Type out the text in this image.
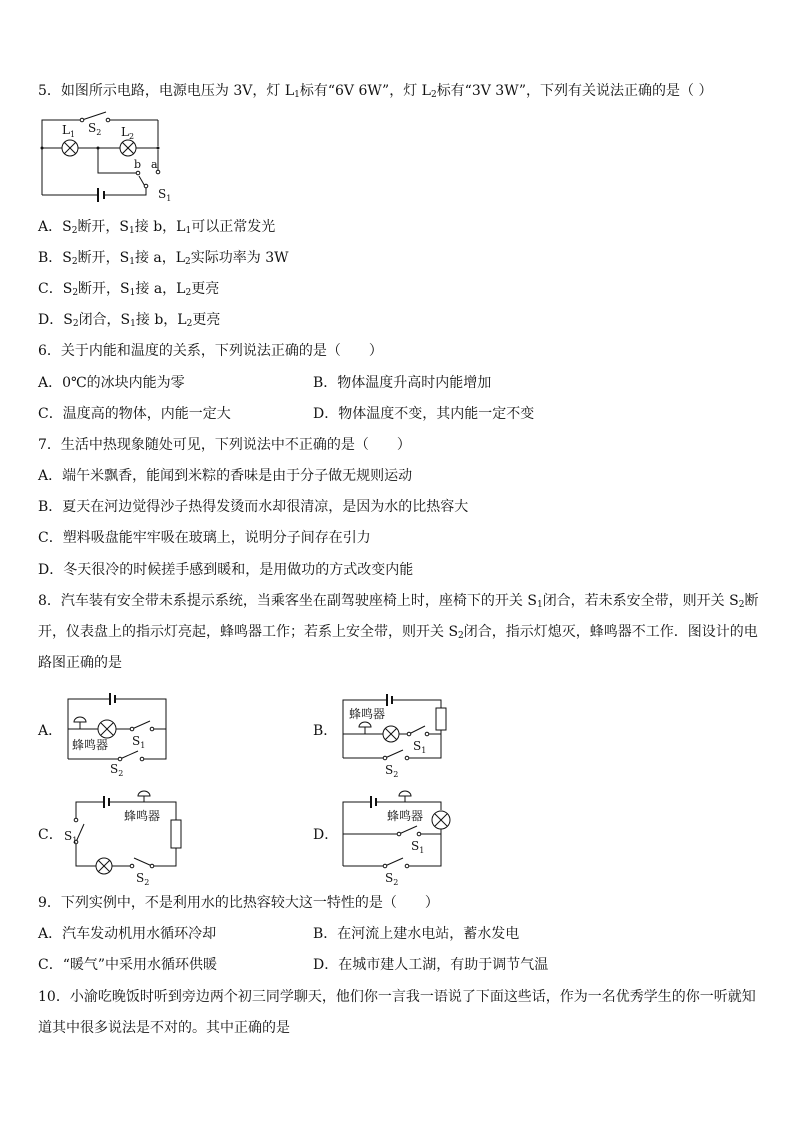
5．如图所示电路，电源电压为 3V，灯 $L_1$标有“6V 6W”，灯 $L_2$标有“3V 3W”，下列有关说法正确的是（ ）
$L_1$ $S_2$ $L_2$
b a
$S_1$
A．$S_2$断开，$S_1$接 b，$L_1$可以正常发光
B．$S_2$断开，$S_1$接 a，$L_2$实际功率为 3W
C．$S_2$断开，$S_1$接 a，$L_2$更亮
D．$S_2$闭合，$S_1$接 b，$L_2$更亮
6．关于内能和温度的关系，下列说法正确的是（　　）
A．0℃的冰块内能为零	B．物体温度升高时内能增加
C．温度高的物体，内能一定大	D．物体温度不变，其内能一定不变
7．生活中热现象随处可见，下列说法中不正确的是（　　）
A．端午米飘香，能闻到米粽的香味是由于分子做无规则运动
B．夏天在河边觉得沙子热得发烫而水却很清凉，是因为水的比热容大
C．塑料吸盘能牢牢吸在玻璃上，说明分子间存在引力
D．冬天很冷的时候搓手感到暖和，是用做功的方式改变内能
8．汽车装有安全带未系提示系统，当乘客坐在副驾驶座椅上时，座椅下的开关 $S_1$闭合，若未系安全带，则开关 $S_2$断
开，仪表盘上的指示灯亮起，蜂鸣器工作；若系上安全带，则开关 $S_2$闭合，指示灯熄灭，蜂鸣器不工作．图设计的电
路图正确的是
A．	B．
C．	D．
蜂鸣器 $S_1$
$S_2$
蜂鸣器
$S_1$
$S_2$
蜂鸣器
$S_1$
$S_2$
蜂鸣器
$S_1$
$S_2$
9．下列实例中，不是利用水的比热容较大这一特性的是（　　）
A．汽车发动机用水循环冷却	B．在河流上建水电站，蓄水发电
C．“暖气”中采用水循环供暖	D．在城市建人工湖，有助于调节气温
10．小渝吃晚饭时听到旁边两个初三同学聊天，他们你一言我一语说了下面这些话，作为一名优秀学生的你一听就知
道其中很多说法是不对的。其中正确的是
